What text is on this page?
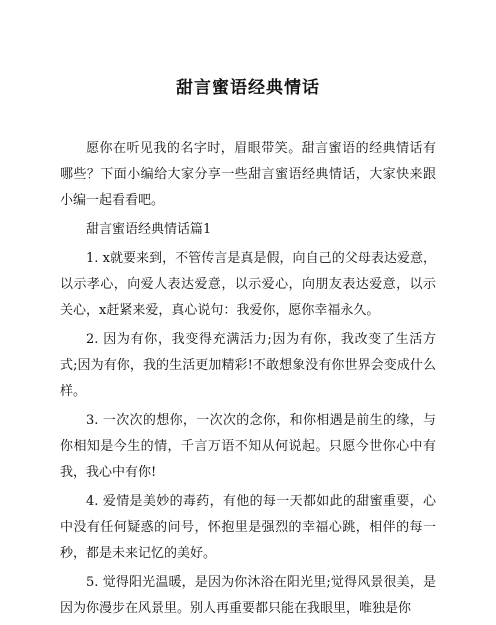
甜言蜜语经典情话

愿你在听见我的名字时，眉眼带笑。甜言蜜语的经典情话有哪些？下面小编给大家分享一些甜言蜜语经典情话，大家快来跟小编一起看看吧。

甜言蜜语经典情话篇1

1. x就要来到，不管传言是真是假，向自己的父母表达爱意，以示孝心，向爱人表达爱意，以示爱心，向朋友表达爱意，以示关心，x赶紧来爱，真心说句：我爱你，愿你幸福永久。

2. 因为有你，我变得充满活力;因为有你，我改变了生活方式;因为有你，我的生活更加精彩!不敢想象没有你世界会变成什么样。

3. 一次次的想你，一次次的念你，和你相遇是前生的缘，与你相知是今生的情，千言万语不知从何说起。只愿今世你心中有我，我心中有你!

4. 爱情是美妙的毒药，有他的每一天都如此的甜蜜重要，心中没有任何疑惑的问号，怀抱里是强烈的幸福心跳，相伴的每一秒，都是未来记忆的美好。

5. 觉得阳光温暖，是因为你沐浴在阳光里;觉得风景很美，是因为你漫步在风景里。别人再重要都只能在我眼里，唯独是你
